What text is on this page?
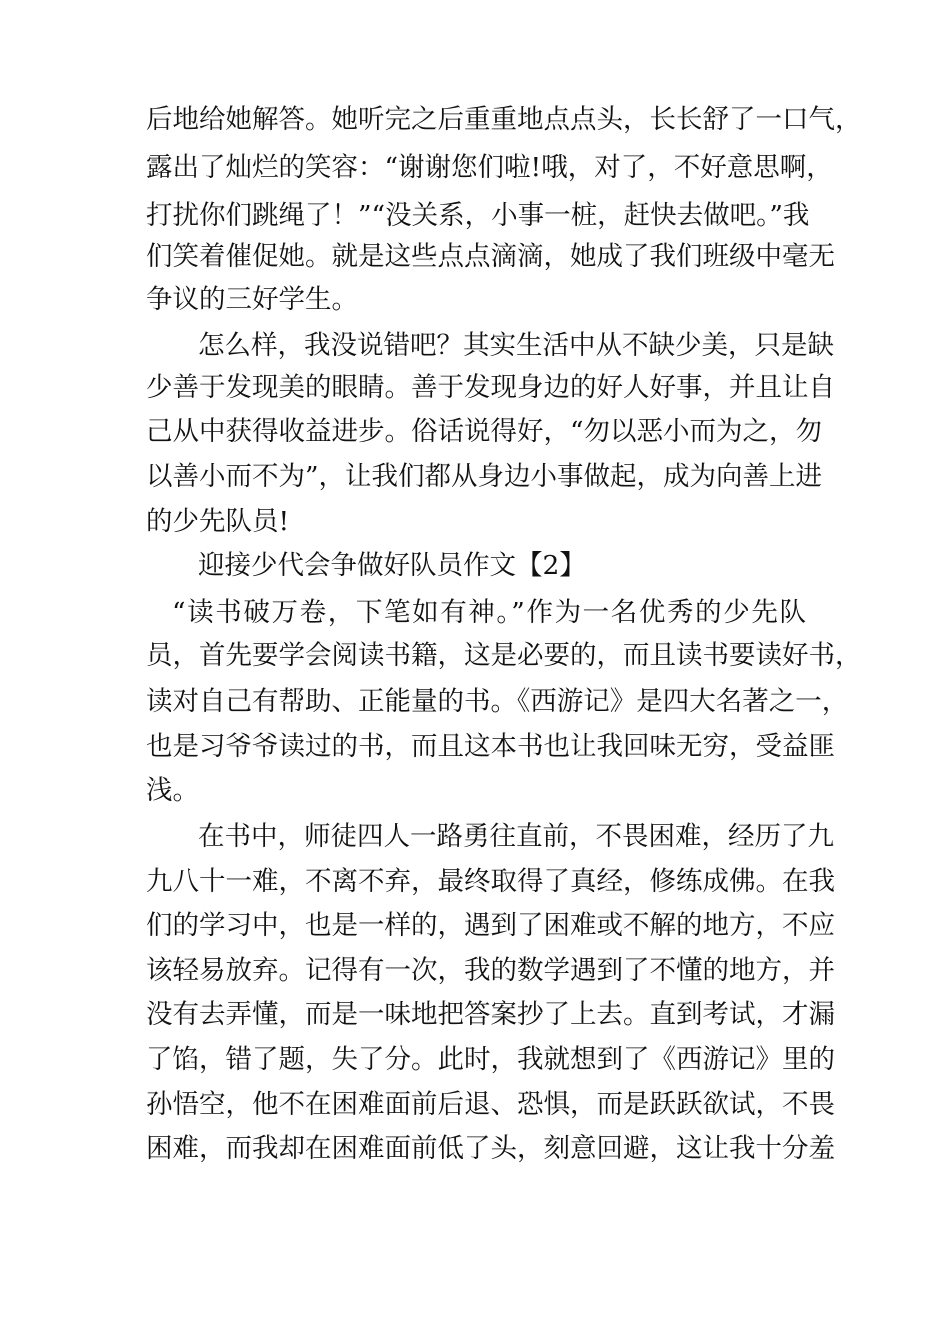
后地给她解答。她听完之后重重地点点头，长长舒了一口气，
露出了灿烂的笑容：“谢谢您们啦!哦，对了，不好意思啊，
打扰你们跳绳了！”“没关系，小事一桩，赶快去做吧。”我
们笑着催促她。就是这些点点滴滴，她成了我们班级中毫无
争议的三好学生。
怎么样，我没说错吧？其实生活中从不缺少美，只是缺
少善于发现美的眼睛。善于发现身边的好人好事，并且让自
己从中获得收益进步。俗话说得好，“勿以恶小而为之，勿
以善小而不为”，让我们都从身边小事做起，成为向善上进
的少先队员!
迎接少代会争做好队员作文【2】
“读书破万卷，下笔如有神。”作为一名优秀的少先队
员，首先要学会阅读书籍，这是必要的，而且读书要读好书，
读对自己有帮助、正能量的书。《西游记》是四大名著之一，
也是习爷爷读过的书，而且这本书也让我回味无穷，受益匪
浅。
在书中，师徒四人一路勇往直前，不畏困难，经历了九
九八十一难，不离不弃，最终取得了真经，修练成佛。在我
们的学习中，也是一样的，遇到了困难或不解的地方，不应
该轻易放弃。记得有一次，我的数学遇到了不懂的地方，并
没有去弄懂，而是一味地把答案抄了上去。直到考试，才漏
了馅，错了题，失了分。此时，我就想到了《西游记》里的
孙悟空，他不在困难面前后退、恐惧，而是跃跃欲试，不畏
困难，而我却在困难面前低了头，刻意回避，这让我十分羞
